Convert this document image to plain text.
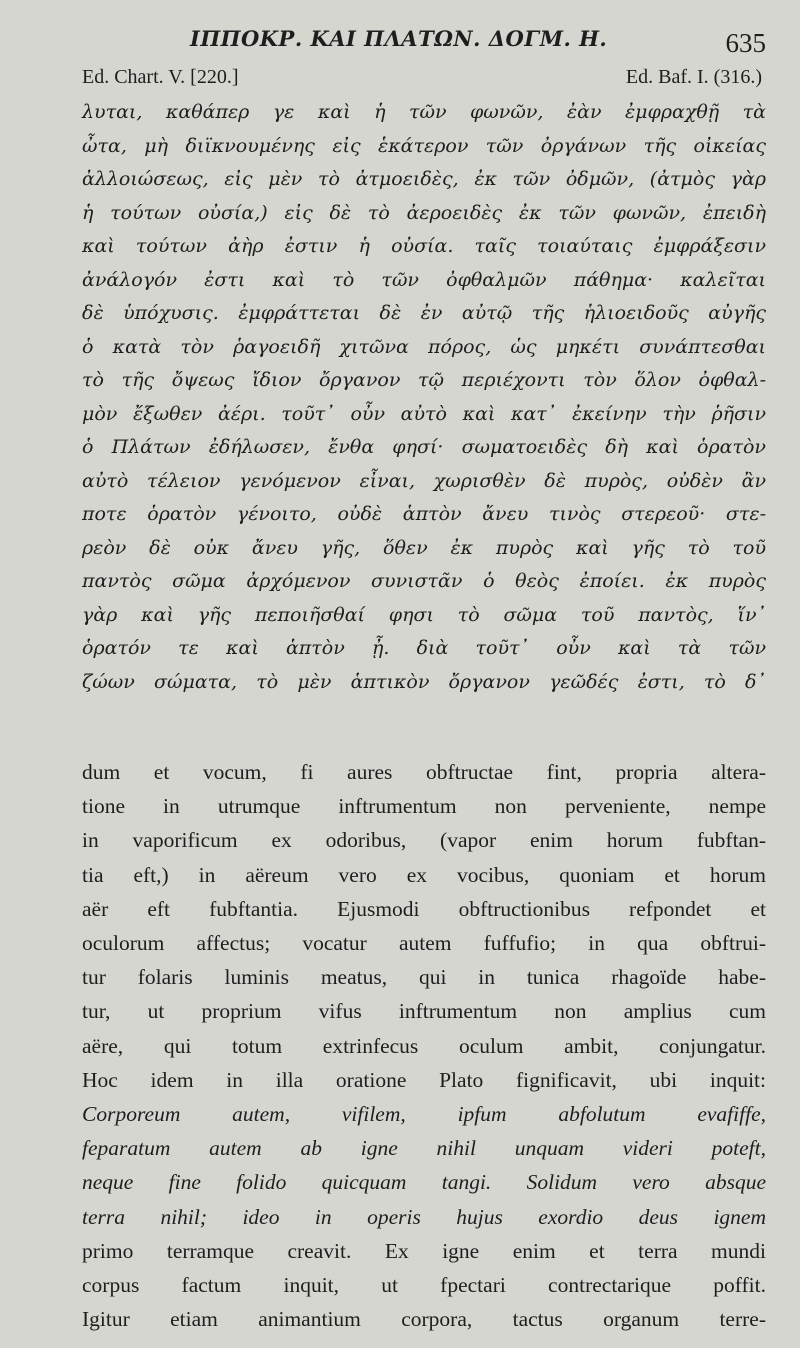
ΙΠΠΟΚΡ. ΚΑΙ ΠΛΑΤΩΝ. ΔΟΓΜ. Η.	635
Ed. Chart. V. [220.]	Ed. Baf. I. (316.)
λυται, καθάπερ γε καὶ ἡ τῶν φωνῶν, ἐὰν ἐμφραχθῇ τὰ
ὦτα, μὴ διϊκνουμένης εἰς ἑκάτερον τῶν ὀργάνων τῆς οἰκείας
ἀλλοιώσεως, εἰς μὲν τὸ ἀτμοειδὲς, ἐκ τῶν ὀδμῶν, (ἀτμὸς γὰρ
ἡ τούτων οὐσία,) εἰς δὲ τὸ ἀεροειδὲς ἐκ τῶν φωνῶν, ἐπειδὴ
καὶ τούτων ἀὴρ ἐστιν ἡ οὐσία. ταῖς τοιαύταις ἐμφράξεσιν
ἀνάλογόν ἐστι καὶ τὸ τῶν ὀφθαλμῶν πάθημα· καλεῖται
δὲ ὑπόχυσις. ἐμφράττεται δὲ ἐν αὐτῷ τῆς ἡλιοειδοῦς αὐγῆς
ὁ κατὰ τὸν ῥαγοειδῆ χιτῶνα πόρος, ὡς μηκέτι συνάπτεσθαι
τὸ τῆς ὄψεως ἴδιον ὄργανον τῷ περιέχοντι τὸν ὅλον ὀφθαλ-
μὸν ἔξωθεν ἀέρι. τοῦτ᾽ οὖν αὐτὸ καὶ κατ᾽ ἐκείνην τὴν ῥῆσιν
ὁ Πλάτων ἐδήλωσεν, ἔνθα φησί· σωματοειδὲς δὴ καὶ ὁρατὸν
αὐτὸ τέλειον γενόμενον εἶναι, χωρισθὲν δὲ πυρὸς, οὐδὲν ἂν
ποτε ὁρατὸν γένοιτο, οὐδὲ ἁπτὸν ἄνευ τινὸς στερεοῦ· στε-
ρεὸν δὲ οὐκ ἄνευ γῆς, ὅθεν ἐκ πυρὸς καὶ γῆς τὸ τοῦ
παντὸς σῶμα ἀρχόμενον συνιστᾶν ὁ θεὸς ἐποίει. ἐκ πυρὸς
γὰρ καὶ γῆς πεποιῆσθαί φησι τὸ σῶμα τοῦ παντὸς, ἵν᾽
ὁρατόν τε καὶ ἁπτὸν ᾖ. διὰ τοῦτ᾽ οὖν καὶ τὰ τῶν
ζώων σώματα, τὸ μὲν ἁπτικὸν ὄργανον γεῶδές ἐστι, τὸ δ᾽
dum et vocum, fi aures obftructae fint, propria altera-
tione in utrumque inftrumentum non perveniente, nempe
in vaporificum ex odoribus, (vapor enim horum fubftan-
tia eft,) in aëreum vero ex vocibus, quoniam et horum
aër eft fubftantia. Ejusmodi obftructionibus refpondet et
oculorum affectus; vocatur autem fuffufio; in qua obftrui-
tur folaris luminis meatus, qui in tunica rhagoïde habe-
tur, ut proprium vifus inftrumentum non amplius cum
aëre, qui totum extrinfecus oculum ambit, conjungatur.
Hoc idem in illa oratione Plato fignificavit, ubi inquit:
Corporeum autem, vifilem, ipfum abfolutum evafiffe,
feparatum autem ab igne nihil unquam videri poteft,
neque fine folido quicquam tangi. Solidum vero absque
terra nihil; ideo in operis hujus exordio deus ignem
primo terramque creavit. Ex igne enim et terra mundi
corpus factum inquit, ut fpectari contrectarique poffit.
Igitur etiam animantium corpora, tactus organum terre-
